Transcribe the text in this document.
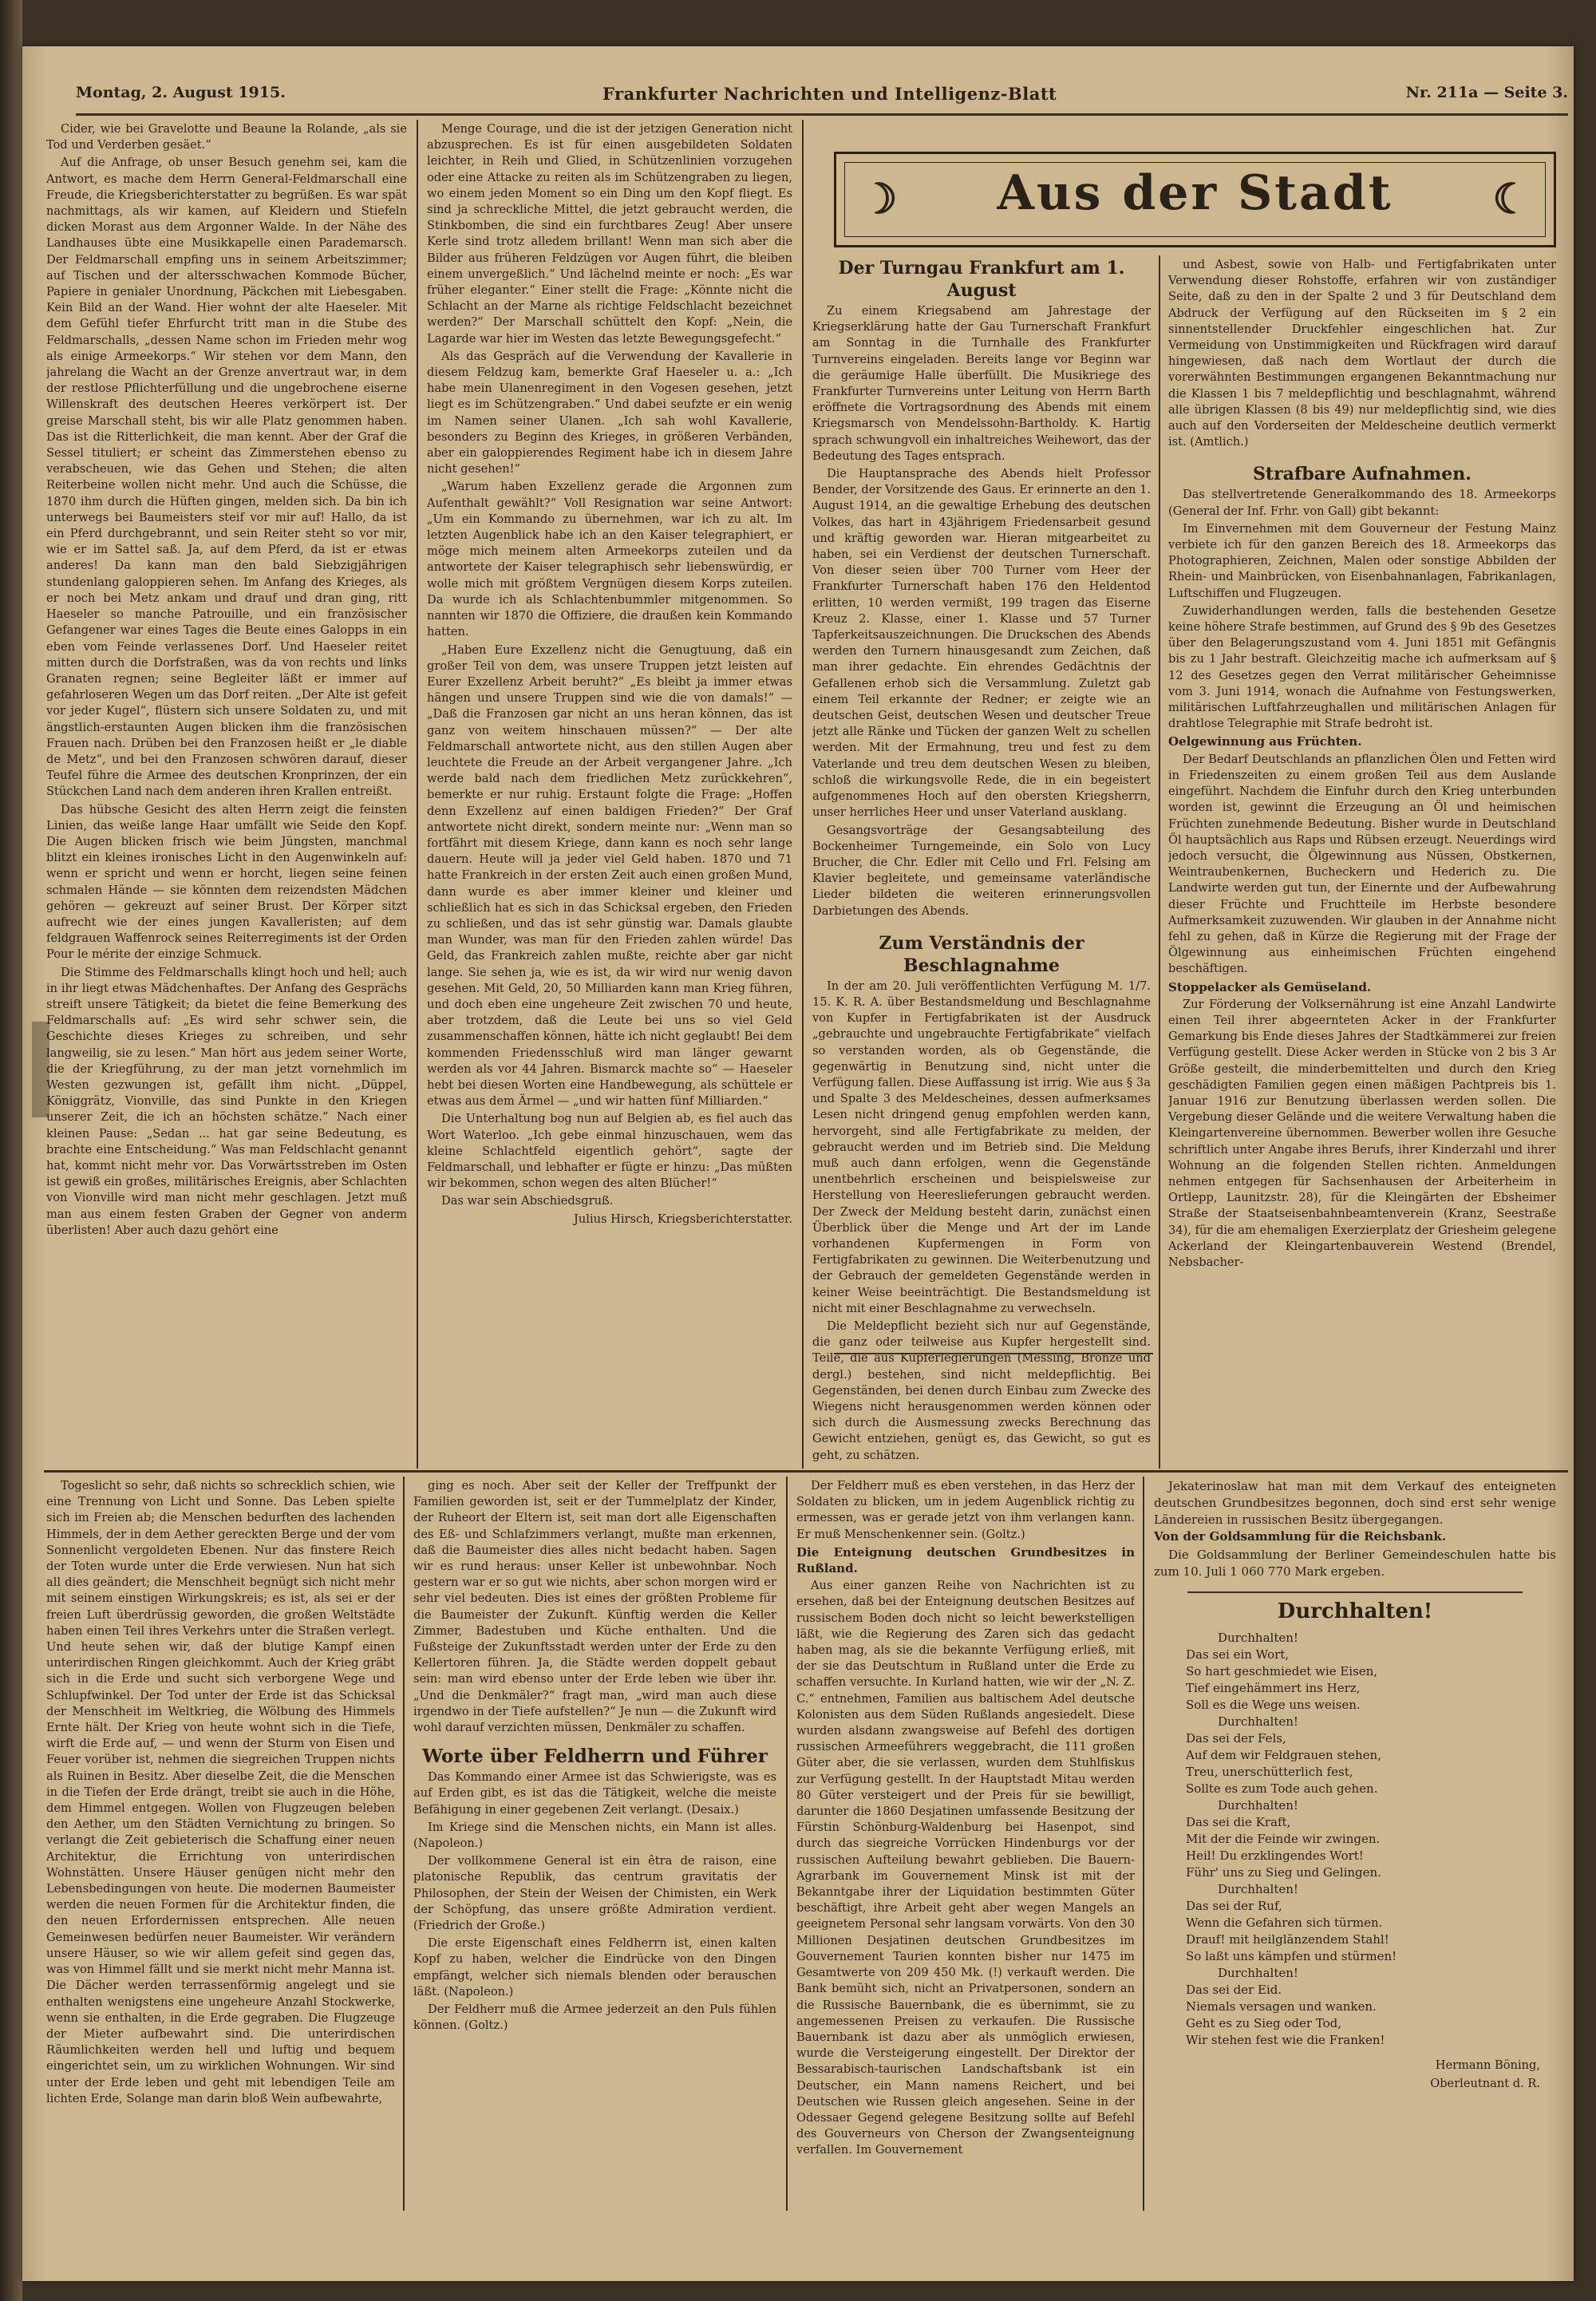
Montag, 2. August 1915.	Frankfurter Nachrichten und Intelligenz-Blatt	Nr. 211a — Seite 3.

Cider, wie bei Gravelotte und Beaune la Rolande, „als sie Tod und Verderben gesäet.“

Auf die Anfrage, ob unser Besuch genehm sei, kam die Antwort, es mache dem Herrn General-Feldmarschall eine Freude, die Kriegsberichterstatter zu begrüßen. Es war spät nachmittags, als wir kamen, auf Kleidern und Stiefeln dicken Morast aus dem Argonner Walde. In der Nähe des Landhauses übte eine Musikkapelle einen Parademarsch. Der Feldmarschall empfing uns in seinem Arbeitszimmer; auf Tischen und der altersschwachen Kommode Bücher, Papiere in genialer Unordnung, Päckchen mit Liebesgaben. Kein Bild an der Wand. Hier wohnt der alte Haeseler. Mit dem Gefühl tiefer Ehrfurcht tritt man in die Stube des Feldmarschalls, „dessen Name schon im Frieden mehr wog als einige Armeekorps.“ Wir stehen vor dem Mann, den jahrelang die Wacht an der Grenze anvertraut war, in dem der restlose Pflichterfüllung und die ungebrochene eiserne Willenskraft des deutschen Heeres verkörpert ist. Der greise Marschall steht, bis wir alle Platz genommen haben. Das ist die Ritterlichkeit, die man kennt. Aber der Graf die Sessel tituliert; er scheint das Zimmerstehen ebenso zu verabscheuen, wie das Gehen und Stehen; die alten Reiterbeine wollen nicht mehr. Und auch die Schüsse, die 1870 ihm durch die Hüften gingen, melden sich. Da bin ich unterwegs bei Baumeisters steif vor mir auf! Hallo, da ist ein Pferd durchgebrannt, und sein Reiter steht so vor mir, wie er im Sattel saß. Ja, auf dem Pferd, da ist er etwas anderes! Da kann man den bald Siebzigjährigen stundenlang galoppieren sehen. Im Anfang des Krieges, als er noch bei Metz ankam und drauf und dran ging, ritt Haeseler so manche Patrouille, und ein französischer Gefangener war eines Tages die Beute eines Galopps in ein eben vom Feinde verlassenes Dorf. Und Haeseler reitet mitten durch die Dorfstraßen, was da von rechts und links Granaten regnen; seine Begleiter läßt er immer auf gefahrloseren Wegen um das Dorf reiten. „Der Alte ist gefeit vor jeder Kugel“, flüstern sich unsere Soldaten zu, und mit ängstlich-erstaunten Augen blicken ihm die französischen Frauen nach. Drüben bei den Franzosen heißt er „le diable de Metz“, und bei den Franzosen schwören darauf, dieser Teufel führe die Armee des deutschen Kronprinzen, der ein Stückchen Land nach dem anderen ihren Krallen entreißt.

Das hübsche Gesicht des alten Herrn zeigt die feinsten Linien, das weiße lange Haar umfällt wie Seide den Kopf. Die Augen blicken frisch wie beim Jüngsten, manchmal blitzt ein kleines ironisches Licht in den Augenwinkeln auf: wenn er spricht und wenn er horcht, liegen seine feinen schmalen Hände — sie könnten dem reizendsten Mädchen gehören — gekreuzt auf seiner Brust. Der Körper sitzt aufrecht wie der eines jungen Kavalleristen; auf dem feldgrauen Waffenrock seines Reiterregiments ist der Orden Pour le mérite der einzige Schmuck.

Die Stimme des Feldmarschalls klingt hoch und hell; auch in ihr liegt etwas Mädchenhaftes. Der Anfang des Gesprächs streift unsere Tätigkeit; da bietet die feine Bemerkung des Feldmarschalls auf: „Es wird sehr schwer sein, die Geschichte dieses Krieges zu schreiben, und sehr langweilig, sie zu lesen.“ Man hört aus jedem seiner Worte, die der Kriegführung, zu der man jetzt vornehmlich im Westen gezwungen ist, gefällt ihm nicht. „Düppel, Königgrätz, Vionville, das sind Punkte in den Kriegen unserer Zeit, die ich an höchsten schätze.“ Nach einer kleinen Pause: „Sedan ... hat gar seine Bedeutung, es brachte eine Entscheidung.“ Was man Feldschlacht genannt hat, kommt nicht mehr vor. Das Vorwärtsstreben im Osten ist gewiß ein großes, militärisches Ereignis, aber Schlachten von Vionville wird man nicht mehr geschlagen. Jetzt muß man aus einem festen Graben der Gegner von anderm überlisten! Aber auch dazu gehört eine

Menge Courage, und die ist der jetzigen Generation nicht abzusprechen. Es ist für einen ausgebildeten Soldaten leichter, in Reih und Glied, in Schützenlinien vorzugehen oder eine Attacke zu reiten als im Schützengraben zu liegen, wo einem jeden Moment so ein Ding um den Kopf fliegt. Es sind ja schreckliche Mittel, die jetzt gebraucht werden, die Stinkbomben, die sind ein furchtbares Zeug! Aber unsere Kerle sind trotz alledem brillant! Wenn man sich aber die Bilder aus früheren Feldzügen vor Augen führt, die bleiben einem unvergeßlich.“ Und lächelnd meinte er noch: „Es war früher eleganter.“ Einer stellt die Frage: „Könnte nicht die Schlacht an der Marne als richtige Feldschlacht bezeichnet werden?“ Der Marschall schüttelt den Kopf: „Nein, die Lagarde war hier im Westen das letzte Bewegungsgefecht.“

Als das Gespräch auf die Verwendung der Kavallerie in diesem Feldzug kam, bemerkte Graf Haeseler u. a.: „Ich habe mein Ulanenregiment in den Vogesen gesehen, jetzt liegt es im Schützengraben.“ Und dabei seufzte er ein wenig im Namen seiner Ulanen. „Ich sah wohl Kavallerie, besonders zu Beginn des Krieges, in größeren Verbänden, aber ein galoppierendes Regiment habe ich in diesem Jahre nicht gesehen!“

„Warum haben Exzellenz gerade die Argonnen zum Aufenthalt gewählt?“ Voll Resignation war seine Antwort: „Um ein Kommando zu übernehmen, war ich zu alt. Im letzten Augenblick habe ich an den Kaiser telegraphiert, er möge mich meinem alten Armeekorps zuteilen und da antwortete der Kaiser telegraphisch sehr liebenswürdig, er wolle mich mit größtem Vergnügen diesem Korps zuteilen. Da wurde ich als Schlachtenbummler mitgenommen. So nannten wir 1870 die Offiziere, die draußen kein Kommando hatten.

„Haben Eure Exzellenz nicht die Genugtuung, daß ein großer Teil von dem, was unsere Truppen jetzt leisten auf Eurer Exzellenz Arbeit beruht?“ „Es bleibt ja immer etwas hängen und unsere Truppen sind wie die von damals!“ — „Daß die Franzosen gar nicht an uns heran können, das ist ganz von weitem hinschauen müssen?“ — Der alte Feldmarschall antwortete nicht, aus den stillen Augen aber leuchtete die Freude an der Arbeit vergangener Jahre. „Ich werde bald nach dem friedlichen Metz zurückkehren“, bemerkte er nur ruhig. Erstaunt folgte die Frage: „Hoffen denn Exzellenz auf einen baldigen Frieden?“ Der Graf antwortete nicht direkt, sondern meinte nur: „Wenn man so fortfährt mit diesem Kriege, dann kann es noch sehr lange dauern. Heute will ja jeder viel Geld haben. 1870 und 71 hatte Frankreich in der ersten Zeit auch einen großen Mund, dann wurde es aber immer kleiner und kleiner und schließlich hat es sich in das Schicksal ergeben, den Frieden zu schließen, und das ist sehr günstig war. Damals glaubte man Wunder, was man für den Frieden zahlen würde! Das Geld, das Frankreich zahlen mußte, reichte aber gar nicht lange. Sie sehen ja, wie es ist, da wir wird nur wenig davon gesehen. Mit Geld, 20, 50 Milliarden kann man Krieg führen, und doch eben eine ungeheure Zeit zwischen 70 und heute, aber trotzdem, daß die Leute bei uns so viel Geld zusammenschaffen können, hätte ich nicht geglaubt! Bei dem kommenden Friedensschluß wird man länger gewarnt werden als vor 44 Jahren. Bismarck machte so“ — Haeseler hebt bei diesen Worten eine Handbewegung, als schüttele er etwas aus dem Ärmel — „und wir hatten fünf Milliarden.“

Die Unterhaltung bog nun auf Belgien ab, es fiel auch das Wort Waterloo. „Ich gebe einmal hinzuschauen, wem das kleine Schlachtfeld eigentlich gehört“, sagte der Feldmarschall, und lebhafter er fügte er hinzu: „Das müßten wir bekommen, schon wegen des alten Blücher!“

Das war sein Abschiedsgruß.

Julius Hirsch, Kriegsberichterstatter.

☽	Aus der Stadt	☾

Der Turngau Frankfurt am 1. August

Zu einem Kriegsabend am Jahrestage der Kriegserklärung hatte der Gau Turnerschaft Frankfurt am Sonntag in die Turnhalle des Frankfurter Turnvereins eingeladen. Bereits lange vor Beginn war die geräumige Halle überfüllt. Die Musikriege des Frankfurter Turnvereins unter Leitung von Herrn Barth eröffnete die Vortragsordnung des Abends mit einem Kriegsmarsch von Mendelssohn-Bartholdy. K. Hartig sprach schwungvoll ein inhaltreiches Weihewort, das der Bedeutung des Tages entsprach.

Die Hauptansprache des Abends hielt Professor Bender, der Vorsitzende des Gaus. Er erinnerte an den 1. August 1914, an die gewaltige Erhebung des deutschen Volkes, das hart in 43jährigem Friedensarbeit gesund und kräftig geworden war. Hieran mitgearbeitet zu haben, sei ein Verdienst der deutschen Turnerschaft. Von dieser seien über 700 Turner vom Heer der Frankfurter Turnerschaft haben 176 den Heldentod erlitten, 10 werden vermißt, 199 tragen das Eiserne Kreuz 2. Klasse, einer 1. Klasse und 57 Turner Tapferkeitsauszeichnungen. Die Druckschen des Abends werden den Turnern hinausgesandt zum Zeichen, daß man ihrer gedachte. Ein ehrendes Gedächtnis der Gefallenen erhob sich die Versammlung. Zuletzt gab einem Teil erkannte der Redner; er zeigte wie an deutschen Geist, deutschen Wesen und deutscher Treue jetzt alle Ränke und Tücken der ganzen Welt zu schellen werden. Mit der Ermahnung, treu und fest zu dem Vaterlande und treu dem deutschen Wesen zu bleiben, schloß die wirkungsvolle Rede, die in ein begeistert aufgenommenes Hoch auf den obersten Kriegsherrn, unser herrliches Heer und unser Vaterland ausklang.

Gesangsvorträge der Gesangsabteilung des Bockenheimer Turngemeinde, ein Solo von Lucy Brucher, die Chr. Edler mit Cello und Frl. Felsing am Klavier begleitete, und gemeinsame vaterländische Lieder bildeten die weiteren erinnerungsvollen Darbietungen des Abends.

Zum Verständnis der Beschlagnahme

In der am 20. Juli veröffentlichten Verfügung M. 1/7. 15. K. R. A. über Bestandsmeldung und Beschlagnahme von Kupfer in Fertigfabrikaten ist der Ausdruck „gebrauchte und ungebrauchte Fertigfabrikate“ vielfach so verstanden worden, als ob Gegenstände, die gegenwärtig in Benutzung sind, nicht unter die Verfügung fallen. Diese Auffassung ist irrig. Wie aus § 3a und Spalte 3 des Meldescheines, dessen aufmerksames Lesen nicht dringend genug empfohlen werden kann, hervorgeht, sind alle Fertigfabrikate zu melden, der gebraucht werden und im Betrieb sind. Die Meldung muß auch dann erfolgen, wenn die Gegenstände unentbehrlich erscheinen und beispielsweise zur Herstellung von Heereslieferungen gebraucht werden. Der Zweck der Meldung besteht darin, zunächst einen Überblick über die Menge und Art der im Lande vorhandenen Kupfermengen in Form von Fertigfabrikaten zu gewinnen. Die Weiterbenutzung und der Gebrauch der gemeldeten Gegenstände werden in keiner Weise beeinträchtigt. Die Bestandsmeldung ist nicht mit einer Beschlagnahme zu verwechseln.

Die Meldepflicht bezieht sich nur auf Gegenstände, die ganz oder teilweise aus Kupfer hergestellt sind. Teile, die aus Kupferlegierungen (Messing, Bronze und dergl.) bestehen, sind nicht meldepflichtig. Bei Gegenständen, bei denen durch Einbau zum Zwecke des Wiegens nicht herausgenommen werden können oder sich durch die Ausmessung zwecks Berechnung das Gewicht entziehen, genügt es, das Gewicht, so gut es geht, zu schätzen.

und Asbest, sowie von Halb- und Fertigfabrikaten unter Verwendung dieser Rohstoffe, erfahren wir von zuständiger Seite, daß zu den in der Spalte 2 und 3 für Deutschland dem Abdruck der Verfügung auf den Rückseiten im § 2 ein sinnentstellender Druckfehler eingeschlichen hat. Zur Vermeidung von Unstimmigkeiten und Rückfragen wird darauf hingewiesen, daß nach dem Wortlaut der durch die vorerwähnten Bestimmungen ergangenen Bekanntmachung nur die Klassen 1 bis 7 meldepflichtig und beschlagnahmt, während alle übrigen Klassen (8 bis 49) nur meldepflichtig sind, wie dies auch auf den Vorderseiten der Meldescheine deutlich vermerkt ist. (Amtlich.)

Strafbare Aufnahmen.

Das stellvertretende Generalkommando des 18. Armeekorps (General der Inf. Frhr. von Gall) gibt bekannt:

Im Einvernehmen mit dem Gouverneur der Festung Mainz verbiete ich für den ganzen Bereich des 18. Armeekorps das Photographieren, Zeichnen, Malen oder sonstige Abbilden der Rhein- und Mainbrücken, von Eisenbahnanlagen, Fabrikanlagen, Luftschiffen und Flugzeugen.

Zuwiderhandlungen werden, falls die bestehenden Gesetze keine höhere Strafe bestimmen, auf Grund des § 9b des Gesetzes über den Belagerungszustand vom 4. Juni 1851 mit Gefängnis bis zu 1 Jahr bestraft. Gleichzeitig mache ich aufmerksam auf § 12 des Gesetzes gegen den Verrat militärischer Geheimnisse vom 3. Juni 1914, wonach die Aufnahme von Festungswerken, militärischen Luftfahrzeughallen und militärischen Anlagen für drahtlose Telegraphie mit Strafe bedroht ist.

Oelgewinnung aus Früchten.

Der Bedarf Deutschlands an pflanzlichen Ölen und Fetten wird in Friedenszeiten zu einem großen Teil aus dem Auslande eingeführt. Nachdem die Einfuhr durch den Krieg unterbunden worden ist, gewinnt die Erzeugung an Öl und heimischen Früchten zunehmende Bedeutung. Bisher wurde in Deutschland Öl hauptsächlich aus Raps und Rübsen erzeugt. Neuerdings wird jedoch versucht, die Ölgewinnung aus Nüssen, Obstkernen, Weintraubenkernen, Bucheckern und Hederich zu. Die Landwirte werden gut tun, der Einernte und der Aufbewahrung dieser Früchte und Fruchtteile im Herbste besondere Aufmerksamkeit zuzuwenden. Wir glauben in der Annahme nicht fehl zu gehen, daß in Kürze die Regierung mit der Frage der Ölgewinnung aus einheimischen Früchten eingehend beschäftigen.

Stoppelacker als Gemüseland.

Zur Förderung der Volksernährung ist eine Anzahl Landwirte einen Teil ihrer abgeernteten Acker in der Frankfurter Gemarkung bis Ende dieses Jahres der Stadtkämmerei zur freien Verfügung gestellt. Diese Acker werden in Stücke von 2 bis 3 Ar Größe gesteilt, die minderbemittelten und durch den Krieg geschädigten Familien gegen einen mäßigen Pachtpreis bis 1. Januar 1916 zur Benutzung überlassen werden sollen. Die Vergebung dieser Gelände und die weitere Verwaltung haben die Kleingartenvereine übernommen. Bewerber wollen ihre Gesuche schriftlich unter Angabe ihres Berufs, ihrer Kinderzahl und ihrer Wohnung an die folgenden Stellen richten. Anmeldungen nehmen entgegen für Sachsenhausen der Arbeiterheim in Ortlepp, Launitzstr. 28), für die Kleingärten der Ebsheimer Straße der Staatseisenbahnbeamtenverein (Kranz, Seestraße 34), für die am ehemaligen Exerzierplatz der Griesheim gelegene Ackerland der Kleingartenbauverein Westend (Brendel, Nebsbacher-

Togeslicht so sehr, daß nichts so schrecklich schien, wie eine Trennung von Licht und Sonne. Das Leben spielte sich im Freien ab; die Menschen bedurften des lachenden Himmels, der in dem Aether gereckten Berge und der vom Sonnenlicht vergoldeten Ebenen. Nur das finstere Reich der Toten wurde unter die Erde verwiesen. Nun hat sich all dies geändert; die Menschheit begnügt sich nicht mehr mit seinem einstigen Wirkungskreis; es ist, als sei er der freien Luft überdrüssig geworden, die großen Weltstädte haben einen Teil ihres Verkehrs unter die Straßen verlegt. Und heute sehen wir, daß der blutige Kampf einen unterirdischen Ringen gleichkommt. Auch der Krieg gräbt sich in die Erde und sucht sich verborgene Wege und Schlupfwinkel. Der Tod unter der Erde ist das Schicksal der Menschheit im Weltkrieg, die Wölbung des Himmels Ernte hält. Der Krieg von heute wohnt sich in die Tiefe, wirft die Erde auf, — und wenn der Sturm von Eisen und Feuer vorüber ist, nehmen die siegreichen Truppen nichts als Ruinen in Besitz. Aber dieselbe Zeit, die die Menschen in die Tiefen der Erde drängt, treibt sie auch in die Höhe, dem Himmel entgegen. Wollen von Flugzeugen beleben den Aether, um den Städten Vernichtung zu bringen. So verlangt die Zeit gebieterisch die Schaffung einer neuen Architektur, die Errichtung von unterirdischen Wohnstätten. Unsere Häuser genügen nicht mehr den Lebensbedingungen von heute. Die modernen Baumeister werden die neuen Formen für die Architektur finden, die den neuen Erfordernissen entsprechen. Alle neuen Gemeinwesen bedürfen neuer Baumeister. Wir verändern unsere Häuser, so wie wir allem gefeit sind gegen das, was von Himmel fällt und sie merkt nicht mehr Manna ist. Die Dächer werden terrassenförmig angelegt und sie enthalten wenigstens eine ungeheure Anzahl Stockwerke, wenn sie enthalten, in die Erde gegraben. Die Flugzeuge der Mieter aufbewahrt sind. Die unterirdischen Räumlichkeiten werden hell und luftig und bequem eingerichtet sein, um zu wirklichen Wohnungen. Wir sind unter der Erde leben und geht mit lebendigen Teile am lichten Erde, Solange man darin bloß Wein aufbewahrte,

ging es noch. Aber seit der Keller der Treffpunkt der Familien geworden ist, seit er der Tummelplatz der Kinder, der Ruheort der Eltern ist, seit man dort alle Eigenschaften des Eß- und Schlafzimmers verlangt, mußte man erkennen, daß die Baumeister dies alles nicht bedacht haben. Sagen wir es rund heraus: unser Keller ist unbewohnbar. Noch gestern war er so gut wie nichts, aber schon morgen wird er sehr viel bedeuten. Dies ist eines der größten Probleme für die Baumeister der Zukunft. Künftig werden die Keller Zimmer, Badestuben und Küche enthalten. Und die Fußsteige der Zukunftsstadt werden unter der Erde zu den Kellertoren führen. Ja, die Städte werden doppelt gebaut sein: man wird ebenso unter der Erde leben wie über ihr. „Und die Denkmäler?“ fragt man, „wird man auch diese irgendwo in der Tiefe aufstellen?“ Je nun — die Zukunft wird wohl darauf verzichten müssen, Denkmäler zu schaffen.

Worte über Feldherrn und Führer

Das Kommando einer Armee ist das Schwierigste, was es auf Erden gibt, es ist das die Tätigkeit, welche die meiste Befähigung in einer gegebenen Zeit verlangt. (Desaix.)

Im Kriege sind die Menschen nichts, ein Mann ist alles. (Napoleon.)

Der vollkommene General ist ein êtra de raison, eine platonische Republik, das centrum gravitatis der Philosophen, der Stein der Weisen der Chimisten, ein Werk der Schöpfung, das unsere größte Admiration verdient. (Friedrich der Große.)

Die erste Eigenschaft eines Feldherrn ist, einen kalten Kopf zu haben, welcher die Eindrücke von den Dingen empfängt, welcher sich niemals blenden oder berauschen läßt. (Napoleon.)

Der Feldherr muß die Armee jederzeit an den Puls fühlen können. (Goltz.)

Der Feldherr muß es eben verstehen, in das Herz der Soldaten zu blicken, um in jedem Augenblick richtig zu ermessen, was er gerade jetzt von ihm verlangen kann. Er muß Menschenkenner sein. (Goltz.)

Die Enteignung deutschen Grundbesitzes in Rußland.

Aus einer ganzen Reihe von Nachrichten ist zu ersehen, daß bei der Enteignung deutschen Besitzes auf russischem Boden doch nicht so leicht bewerkstelligen läßt, wie die Regierung des Zaren sich das gedacht haben mag, als sie die bekannte Verfügung erließ, mit der sie das Deutschtum in Rußland unter die Erde zu schaffen versuchte. In Kurland hatten, wie wir der „N. Z. C.“ entnehmen, Familien aus baltischem Adel deutsche Kolonisten aus dem Süden Rußlands angesiedelt. Diese wurden alsdann zwangsweise auf Befehl des dortigen russischen Armeeführers weggebracht, die 111 großen Güter aber, die sie verlassen, wurden dem Stuhlfiskus zur Verfügung gestellt. In der Hauptstadt Mitau werden 80 Güter versteigert und der Preis für sie bewilligt, darunter die 1860 Desjatinen umfassende Besitzung der Fürstin Schönburg-Waldenburg bei Hasenpot, sind durch das siegreiche Vorrücken Hindenburgs vor der russischen Aufteilung bewahrt geblieben. Die Bauern-Agrarbank im Gouvernement Minsk ist mit der Bekanntgabe ihrer der Liquidation bestimmten Güter beschäftigt, ihre Arbeit geht aber wegen Mangels an geeignetem Personal sehr langsam vorwärts. Von den 30 Millionen Desjatinen deutschen Grundbesitzes im Gouvernement Taurien konnten bisher nur 1475 im Gesamtwerte von 209 450 Mk. (!) verkauft werden. Die Bank bemüht sich, nicht an Privatpersonen, sondern an die Russische Bauernbank, die es übernimmt, sie zu angemessenen Preisen zu verkaufen. Die Russische Bauernbank ist dazu aber als unmöglich erwiesen, wurde die Versteigerung eingestellt. Der Direktor der Bessarabisch-taurischen Landschaftsbank ist ein Deutscher, ein Mann namens Reichert, und bei Deutschen wie Russen gleich angesehen. Seine in der Odessaer Gegend gelegene Besitzung sollte auf Befehl des Gouverneurs von Cherson der Zwangsenteignung verfallen. Im Gouvernement

Jekaterinoslaw hat man mit dem Verkauf des enteigneten deutschen Grundbesitzes begonnen, doch sind erst sehr wenige Ländereien in russischen Besitz übergegangen.

Von der Goldsammlung für die Reichsbank.

Die Goldsammlung der Berliner Gemeindeschulen hatte bis zum 10. Juli 1 060 770 Mark ergeben.

Durchhalten!

Durchhalten!

Das sei ein Wort,

So hart geschmiedet wie Eisen,

Tief eingehämmert ins Herz,

Soll es die Wege uns weisen.

Durchhalten!

Das sei der Fels,

Auf dem wir Feldgrauen stehen,

Treu, unerschütterlich fest,

Sollte es zum Tode auch gehen.

Durchhalten!

Das sei die Kraft,

Mit der die Feinde wir zwingen.

Heil! Du erzklingendes Wort!

Führ' uns zu Sieg und Gelingen.

Durchhalten!

Das sei der Ruf,

Wenn die Gefahren sich türmen.

Drauf! mit heilglänzendem Stahl!

So laßt uns kämpfen und stürmen!

Durchhalten!

Das sei der Eid.

Niemals versagen und wanken.

Geht es zu Sieg oder Tod,

Wir stehen fest wie die Franken!

Hermann Böning,

Oberleutnant d. R.
